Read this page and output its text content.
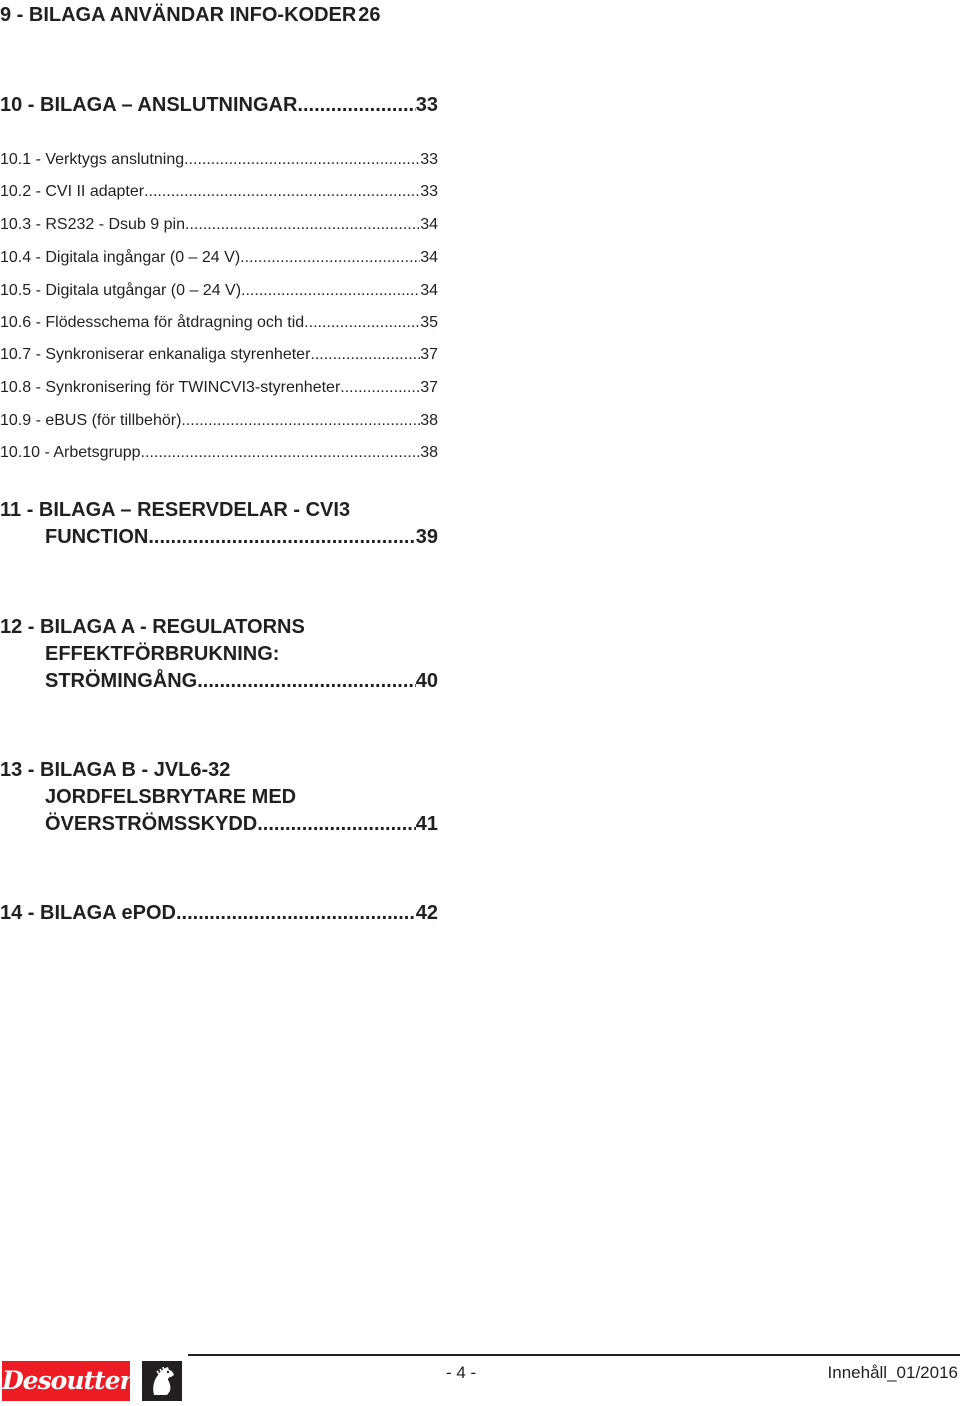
9 - BILAGA ANVÄNDAR INFO-KODER 26
10 - BILAGA – ANSLUTNINGAR .....	33
10.1 - Verktygs anslutning .....	33
10.2 - CVI II adapter .....	33
10.3 - RS232 - Dsub 9 pin .....	34
10.4 - Digitala ingångar (0 – 24 V) .....	34
10.5 - Digitala utgångar (0 – 24 V) .....	34
10.6 - Flödesschema för åtdragning och tid .....	35
10.7 - Synkroniserar enkanaliga styrenheter .....	37
10.8 - Synkronisering för TWINCVI3-styrenheter .....	37
10.9 - eBUS (för tillbehör) .....	38
10.10 - Arbetsgrupp .....	38
11 - BILAGA – RESERVDELAR - CVI3
FUNCTION .....	39
12 - BILAGA A - REGULATORNS
EFFEKTFÖRBRUKNING:
STRÖMINGÅNG .....	40
13 - BILAGA B - JVL6-32
JORDFELSBRYTARE MED
ÖVERSTRÖMSSKYDD .....	41
14 - BILAGA ePOD .....	42
Desoutter	- 4 -	Innehåll_01/2016
